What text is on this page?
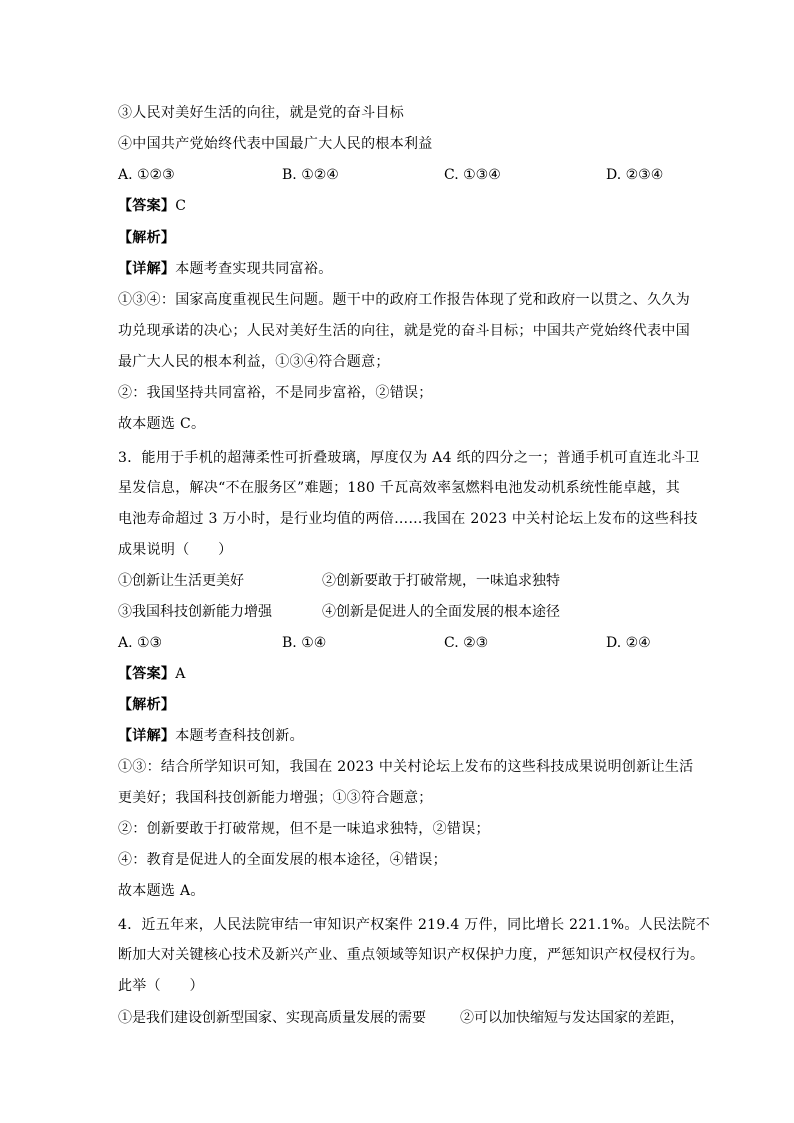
③人民对美好生活的向往，就是党的奋斗目标
④中国共产党始终代表中国最广大人民的根本利益
A. ①②③	B. ①②④	C. ①③④	D. ②③④
【答案】C
【解析】
【详解】本题考查实现共同富裕。
①③④：国家高度重视民生问题。题干中的政府工作报告体现了党和政府一以贯之、久久为
功兑现承诺的决心；人民对美好生活的向往，就是党的奋斗目标；中国共产党始终代表中国
最广大人民的根本利益，①③④符合题意；
②：我国坚持共同富裕，不是同步富裕，②错误；
故本题选 C。
3．能用于手机的超薄柔性可折叠玻璃，厚度仅为 A4 纸的四分之一；普通手机可直连北斗卫
星发信息，解决“不在服务区”难题；180 千瓦高效率氢燃料电池发动机系统性能卓越，其
电池寿命超过 3 万小时，是行业均值的两倍……我国在 2023 中关村论坛上发布的这些科技
成果说明（　　）
①创新让生活更美好	②创新要敢于打破常规，一味追求独特
③我国科技创新能力增强	④创新是促进人的全面发展的根本途径
A. ①③	B. ①④	C. ②③	D. ②④
【答案】A
【解析】
【详解】本题考查科技创新。
①③：结合所学知识可知，我国在 2023 中关村论坛上发布的这些科技成果说明创新让生活
更美好；我国科技创新能力增强；①③符合题意；
②：创新要敢于打破常规，但不是一味追求独特，②错误；
④：教育是促进人的全面发展的根本途径，④错误；
故本题选 A。
4．近五年来，人民法院审结一审知识产权案件 219.4 万件，同比增长 221.1%。人民法院不
断加大对关键核心技术及新兴产业、重点领域等知识产权保护力度，严惩知识产权侵权行为。
此举（　　）
①是我们建设创新型国家、实现高质量发展的需要 ②可以加快缩短与发达国家的差距，
